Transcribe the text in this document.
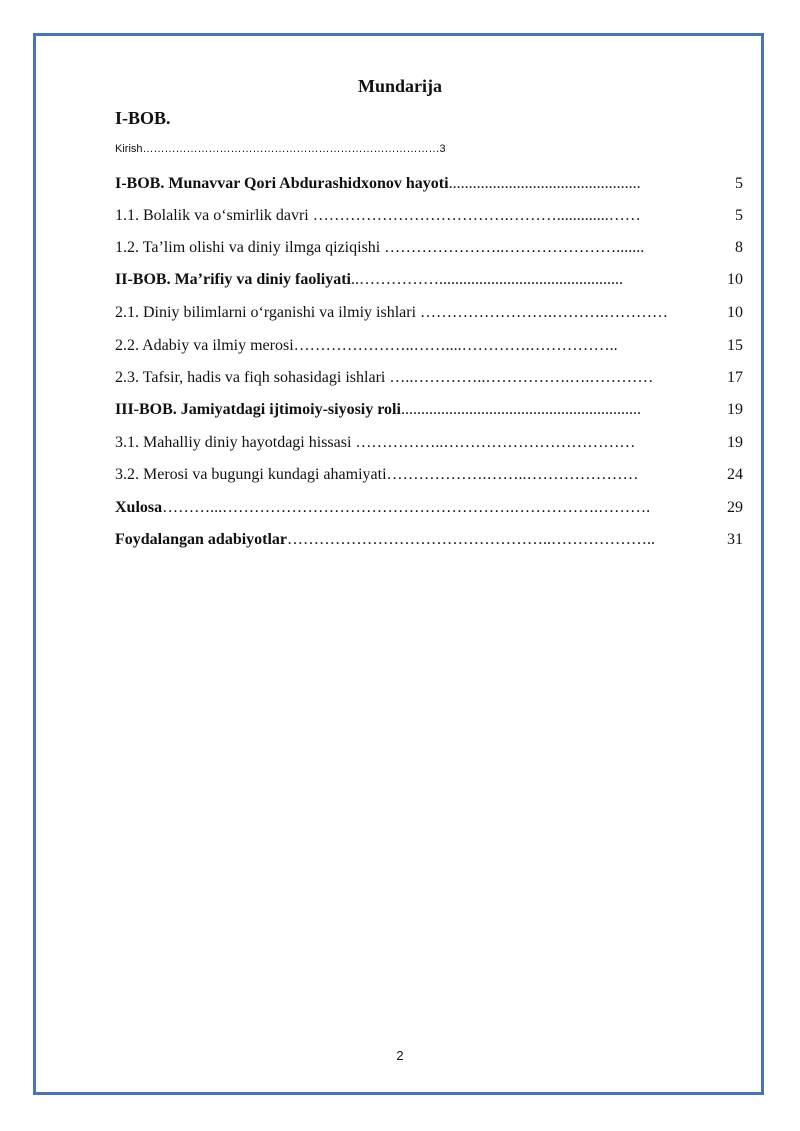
Mundarija
I-BOB.
Kirish………………………………………………………………………3
I-BOB. Munavvar Qori Abdurashidxonov hayoti................................................	5
1.1. Bolalik va o‘smirlik davri ……………………………….……….............……	5
1.2. Ta’lim olishi va diniy ilmga qiziqishi …………………..………………….......	8
II-BOB. Ma’rifiy va diniy faoliyati..……………..............................................	10
2.1. Diniy bilimlarni o‘rganishi va ilmiy ishlari …………………….……….…………	10
2.2. Adabiy va ilmiy merosi…………………..……....………….……………..	15
2.3. Tafsir, hadis va fiqh sohasidagi ishlari …..…………..…………….….…………	17
III-BOB. Jamiyatdagi ijtimoiy-siyosiy roli............................................................	19
3.1. Mahalliy diniy hayotdagi hissasi ……………..………………………………	19
3.2. Merosi va bugungi kundagi ahamiyati……………….……..…………………	24
Xulosa………...……………………………………………….…………….……….	29
Foydalangan adabiyotlar…………………………………………..………………..	31
2
